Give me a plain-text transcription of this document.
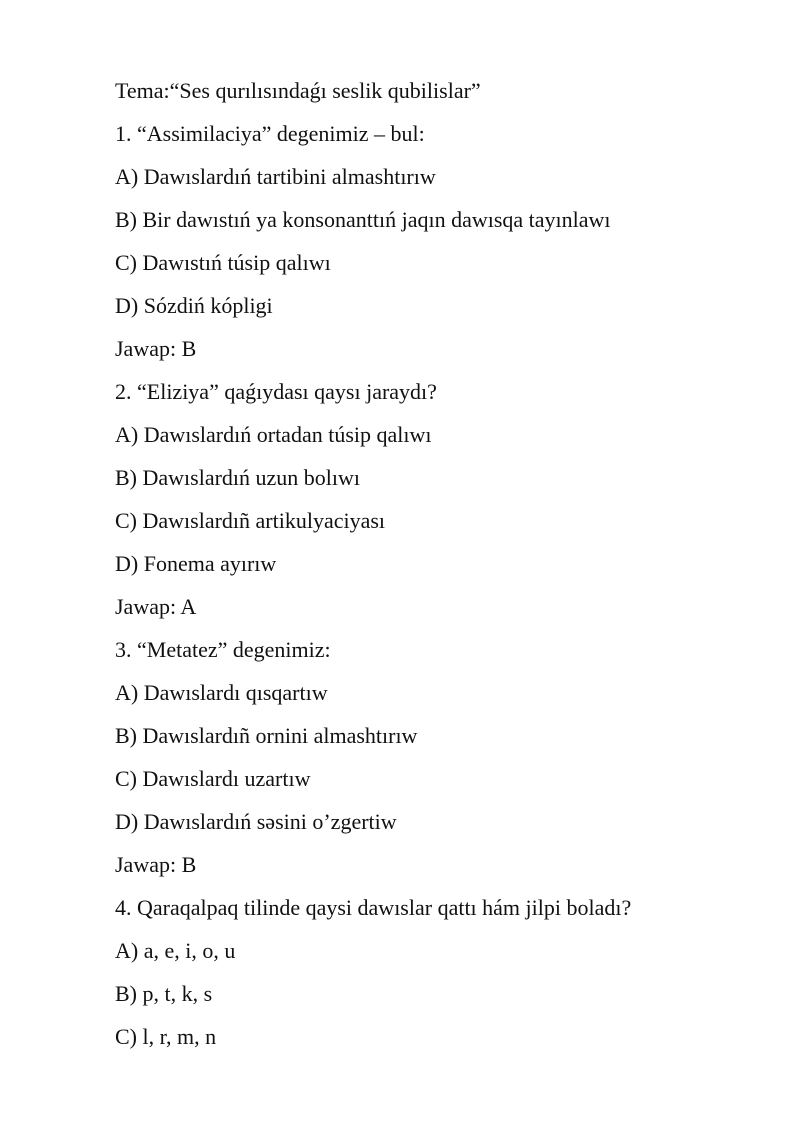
Tema:“Ses qurılısındaǵı seslik qubilislar”
1. “Assimilaciya” degenimiz – bul:
A) Dawıslardıń tartibini almashtırıw
B) Bir dawıstıń ya konsonanttıń jaqın dawısqa tayınlawı
C) Dawıstıń túsip qalıwı
D) Sózdiń kópligi
Jawap: B
2. “Eliziya” qaǵıydası qaysı jaraydı?
A) Dawıslardıń ortadan túsip qalıwı
B) Dawıslardıń uzun bolıwı
C) Dawıslardıñ artikulyaciyası
D) Fonema ayırıw
Jawap: A
3. “Metatez” degenimiz:
A) Dawıslardı qısqartıw
B) Dawıslardıñ ornini almashtırıw
C) Dawıslardı uzartıw
D) Dawıslardıń səsini o’zgertiw
Jawap: B
4. Qaraqalpaq tilinde qaysi dawıslar qattı hám jilpi boladı?
A) a, e, i, o, u
B) p, t, k, s
C) l, r, m, n
